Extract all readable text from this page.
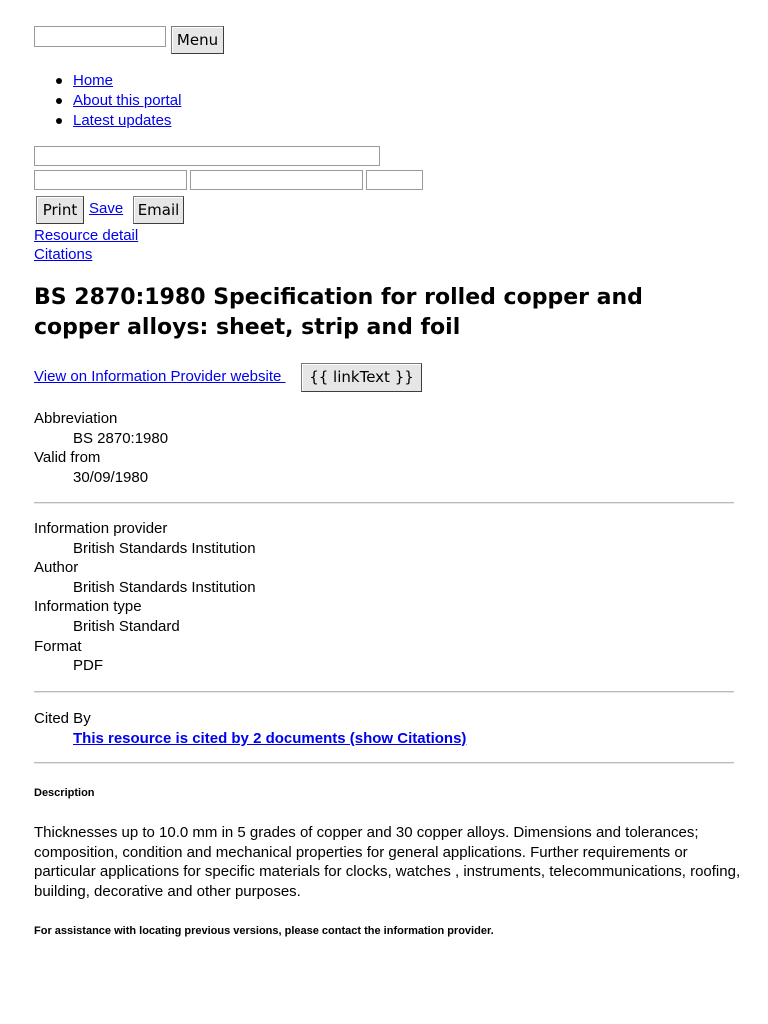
Menu
Home
About this portal
Latest updates
Print Save Email
Resource detail
Citations
BS 2870:1980 Specification for rolled copper and copper alloys: sheet, strip and foil
View on Information Provider website	{{ linkText }}
Abbreviation
BS 2870:1980
Valid from
30/09/1980
Information provider
British Standards Institution
Author
British Standards Institution
Information type
British Standard
Format
PDF
Cited By
This resource is cited by 2 documents (show Citations)
Description

Thicknesses up to 10.0 mm in 5 grades of copper and 30 copper alloys. Dimensions and tolerances; composition, condition and mechanical properties for general applications. Further requirements or particular applications for specific materials for clocks, watches , instruments, telecommunications, roofing, building, decorative and other purposes.

For assistance with locating previous versions, please contact the information provider.
